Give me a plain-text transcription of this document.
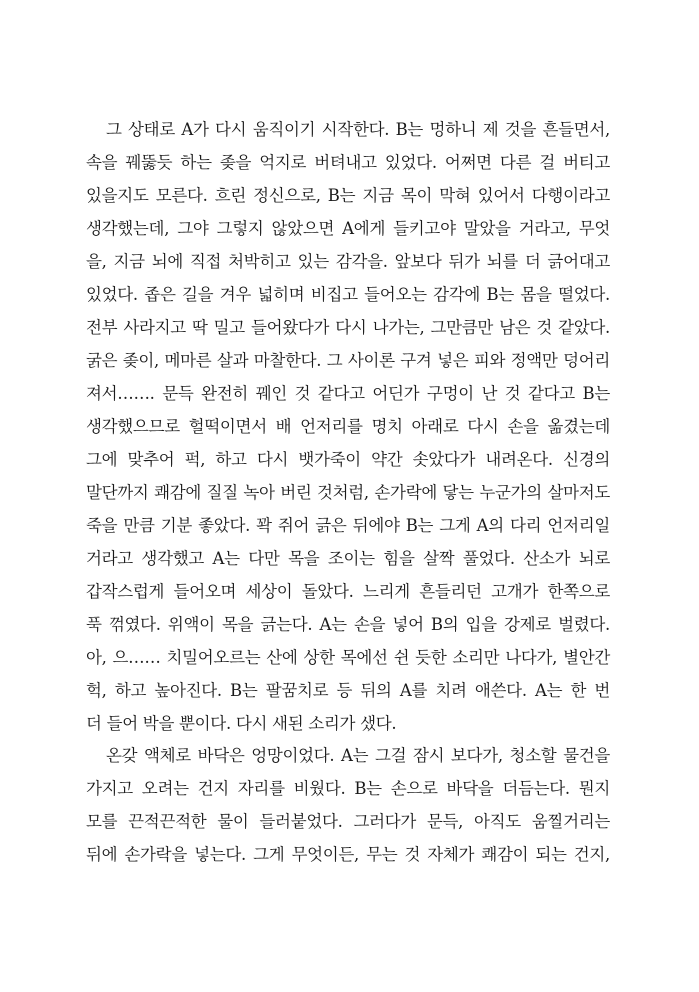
그 상태로 A가 다시 움직이기 시작한다. B는 멍하니 제 것을 흔들면서,
속을 꿰뚫듯 하는 좆을 억지로 버텨내고 있었다. 어쩌면 다른 걸 버티고
있을지도 모른다. 흐린 정신으로, B는 지금 목이 막혀 있어서 다행이라고
생각했는데, 그야 그렇지 않았으면 A에게 들키고야 말았을 거라고, 무엇
을, 지금 뇌에 직접 처박히고 있는 감각을. 앞보다 뒤가 뇌를 더 긁어대고
있었다. 좁은 길을 겨우 넓히며 비집고 들어오는 감각에 B는 몸을 떨었다.
전부 사라지고 딱 밀고 들어왔다가 다시 나가는, 그만큼만 남은 것 같았다.
굵은 좆이, 메마른 살과 마찰한다. 그 사이론 구겨 넣은 피와 정액만 덩어리
져서……. 문득 완전히 꿰인 것 같다고 어딘가 구멍이 난 것 같다고 B는
생각했으므로 헐떡이면서 배 언저리를 명치 아래로 다시 손을 옮겼는데
그에 맞추어 퍽, 하고 다시 뱃가죽이 약간 솟았다가 내려온다. 신경의
말단까지 쾌감에 질질 녹아 버린 것처럼, 손가락에 닿는 누군가의 살마저도
죽을 만큼 기분 좋았다. 꽉 쥐어 긁은 뒤에야 B는 그게 A의 다리 언저리일
거라고 생각했고 A는 다만 목을 조이는 힘을 살짝 풀었다. 산소가 뇌로
갑작스럽게 들어오며 세상이 돌았다. 느리게 흔들리던 고개가 한쪽으로
푹 꺾였다. 위액이 목을 긁는다. A는 손을 넣어 B의 입을 강제로 벌렸다.
아, 으…… 치밀어오르는 산에 상한 목에선 쉰 듯한 소리만 나다가, 별안간
헉, 하고 높아진다. B는 팔꿈치로 등 뒤의 A를 치려 애쓴다. A는 한 번
더 들어 박을 뿐이다. 다시 새된 소리가 샜다.
온갖 액체로 바닥은 엉망이었다. A는 그걸 잠시 보다가, 청소할 물건을
가지고 오려는 건지 자리를 비웠다. B는 손으로 바닥을 더듬는다. 뭔지
모를 끈적끈적한 물이 들러붙었다. 그러다가 문득, 아직도 움찔거리는
뒤에 손가락을 넣는다. 그게 무엇이든, 무는 것 자체가 쾌감이 되는 건지,
